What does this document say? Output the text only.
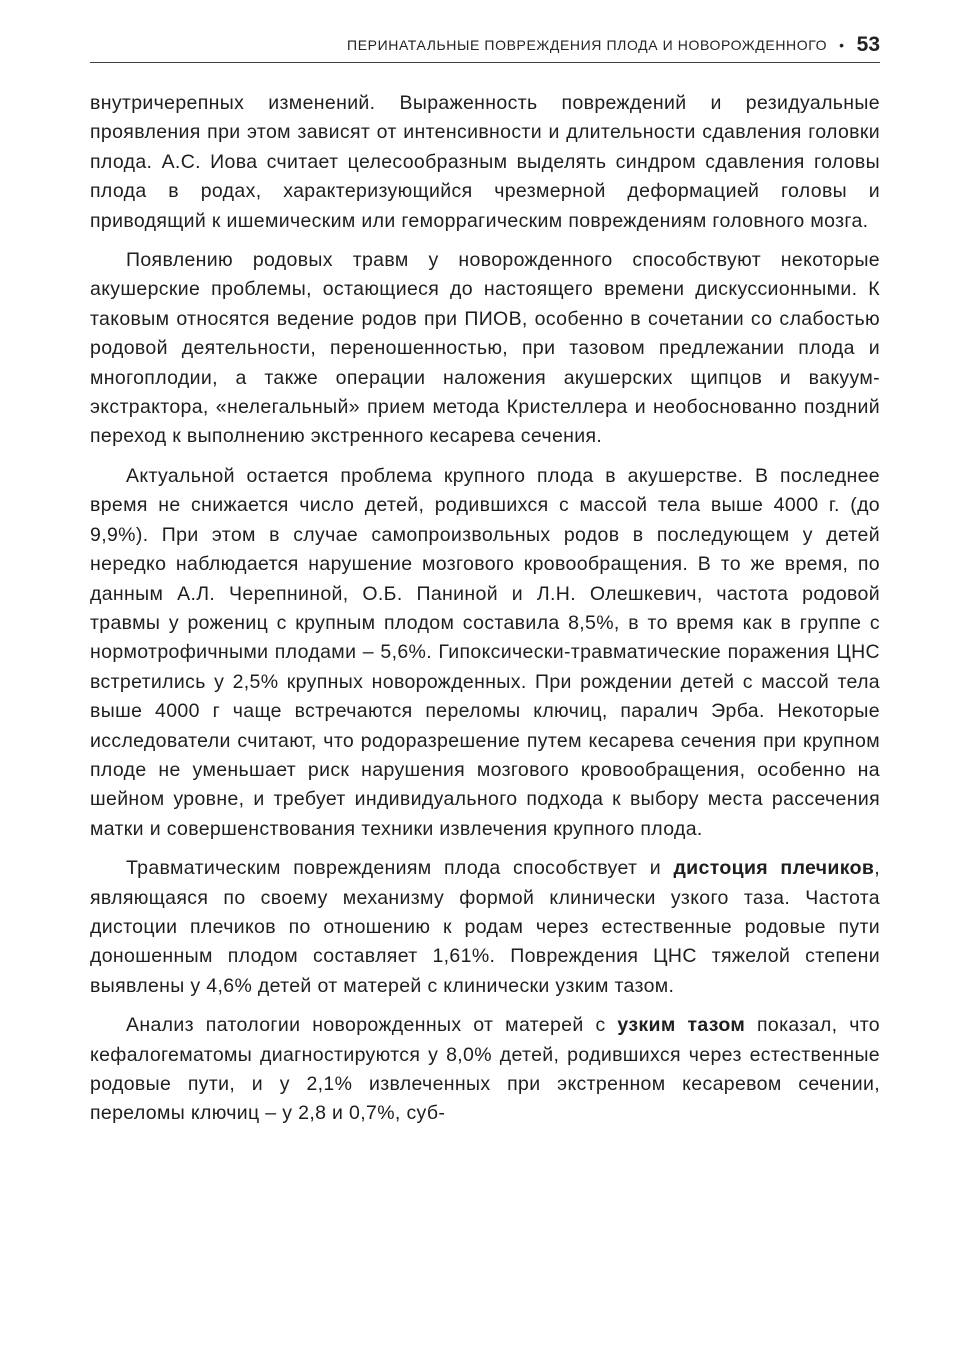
ПЕРИНАТАЛЬНЫЕ ПОВРЕЖДЕНИЯ ПЛОДА И НОВОРОЖДЕННОГО • 53

внутричерепных изменений. Выраженность повреждений и резидуальные проявления при этом зависят от интенсивности и длительности сдавления головки плода. А.С. Иова считает целесообразным выделять синдром сдавления головы плода в родах, характеризующийся чрезмерной деформацией головы и приводящий к ишемическим или геморрагическим повреждениям головного мозга.

Появлению родовых травм у новорожденного способствуют некоторые акушерские проблемы, остающиеся до настоящего времени дискуссионными. К таковым относятся ведение родов при ПИОВ, особенно в сочетании со слабостью родовой деятельности, переношенностью, при тазовом предлежании плода и многоплодии, а также операции наложения акушерских щипцов и вакуум-экстрактора, «нелегальный» прием метода Кристеллера и необоснованно поздний переход к выполнению экстренного кесарева сечения.

Актуальной остается проблема крупного плода в акушерстве. В последнее время не снижается число детей, родившихся с массой тела выше 4000 г. (до 9,9%). При этом в случае самопроизвольных родов в последующем у детей нередко наблюдается нарушение мозгового кровообращения. В то же время, по данным А.Л. Черепниной, О.Б. Паниной и Л.Н. Олешкевич, частота родовой травмы у рожениц с крупным плодом составила 8,5%, в то время как в группе с нормотрофичными плодами – 5,6%. Гипоксически-травматические поражения ЦНС встретились у 2,5% крупных новорожденных. При рождении детей с массой тела выше 4000 г чаще встречаются переломы ключиц, паралич Эрба. Некоторые исследователи считают, что родоразрешение путем кесарева сечения при крупном плоде не уменьшает риск нарушения мозгового кровообращения, особенно на шейном уровне, и требует индивидуального подхода к выбору места рассечения матки и совершенствования техники извлечения крупного плода.

Травматическим повреждениям плода способствует и дистоция плечиков, являющаяся по своему механизму формой клинически узкого таза. Частота дистоции плечиков по отношению к родам через естественные родовые пути доношенным плодом составляет 1,61%. Повреждения ЦНС тяжелой степени выявлены у 4,6% детей от матерей с клинически узким тазом.

Анализ патологии новорожденных от матерей с узким тазом показал, что кефалогематомы диагностируются у 8,0% детей, родившихся через естественные родовые пути, и у 2,1% извлеченных при экстренном кесаревом сечении, переломы ключиц – у 2,8 и 0,7%, суб-
